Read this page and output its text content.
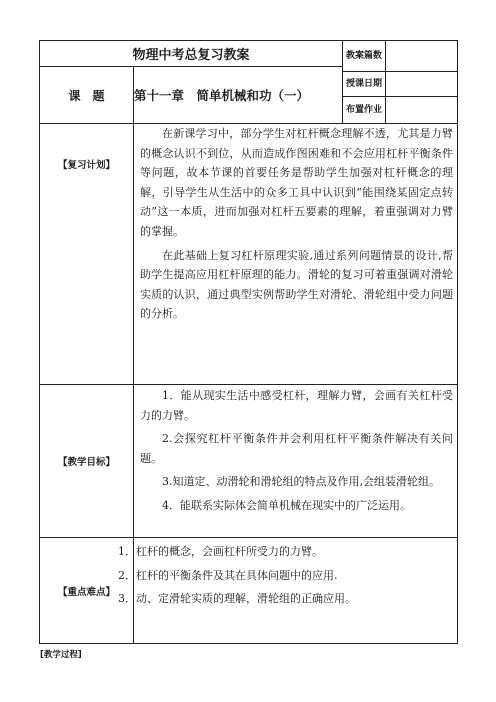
物理中考总复习教案	教案篇数
课　题	第十一章　简单机械和功（一）
授课日期
布置作业
【复习计划】

在新课学习中，部分学生对杠杆概念理解不透，尤其是力臂的概念认识不到位，从而造成作图困难和不会应用杠杆平衡条件等问题，故本节课的首要任务是帮助学生加强对杠杆概念的理解，引导学生从生活中的众多工具中认识到“能围绕某固定点转动”这一本质，进而加强对杠杆五要素的理解，着重强调对力臂的掌握。

在此基础上复习杠杆原理实验,通过系列问题情景的设计,帮助学生提高应用杠杆原理的能力。滑轮的复习可着重强调对滑轮实质的认识，通过典型实例帮助学生对滑轮、滑轮组中受力问题的分析。

【教学目标】

1．能从现实生活中感受杠杆，理解力臂，会画有关杠杆受力的力臂。

2.会探究杠杆平衡条件并会利用杠杆平衡条件解决有关问题。

3.知道定、动滑轮和滑轮组的特点及作用,会组装滑轮组。

4．能联系实际体会简单机械在现实中的广泛运用。

【重点难点】

1．杠杆的概念，会画杠杆所受力的力臂。

2．杠杆的平衡条件及其在具体问题中的应用.

3．动、定滑轮实质的理解，滑轮组的正确应用。

[教学过程]
